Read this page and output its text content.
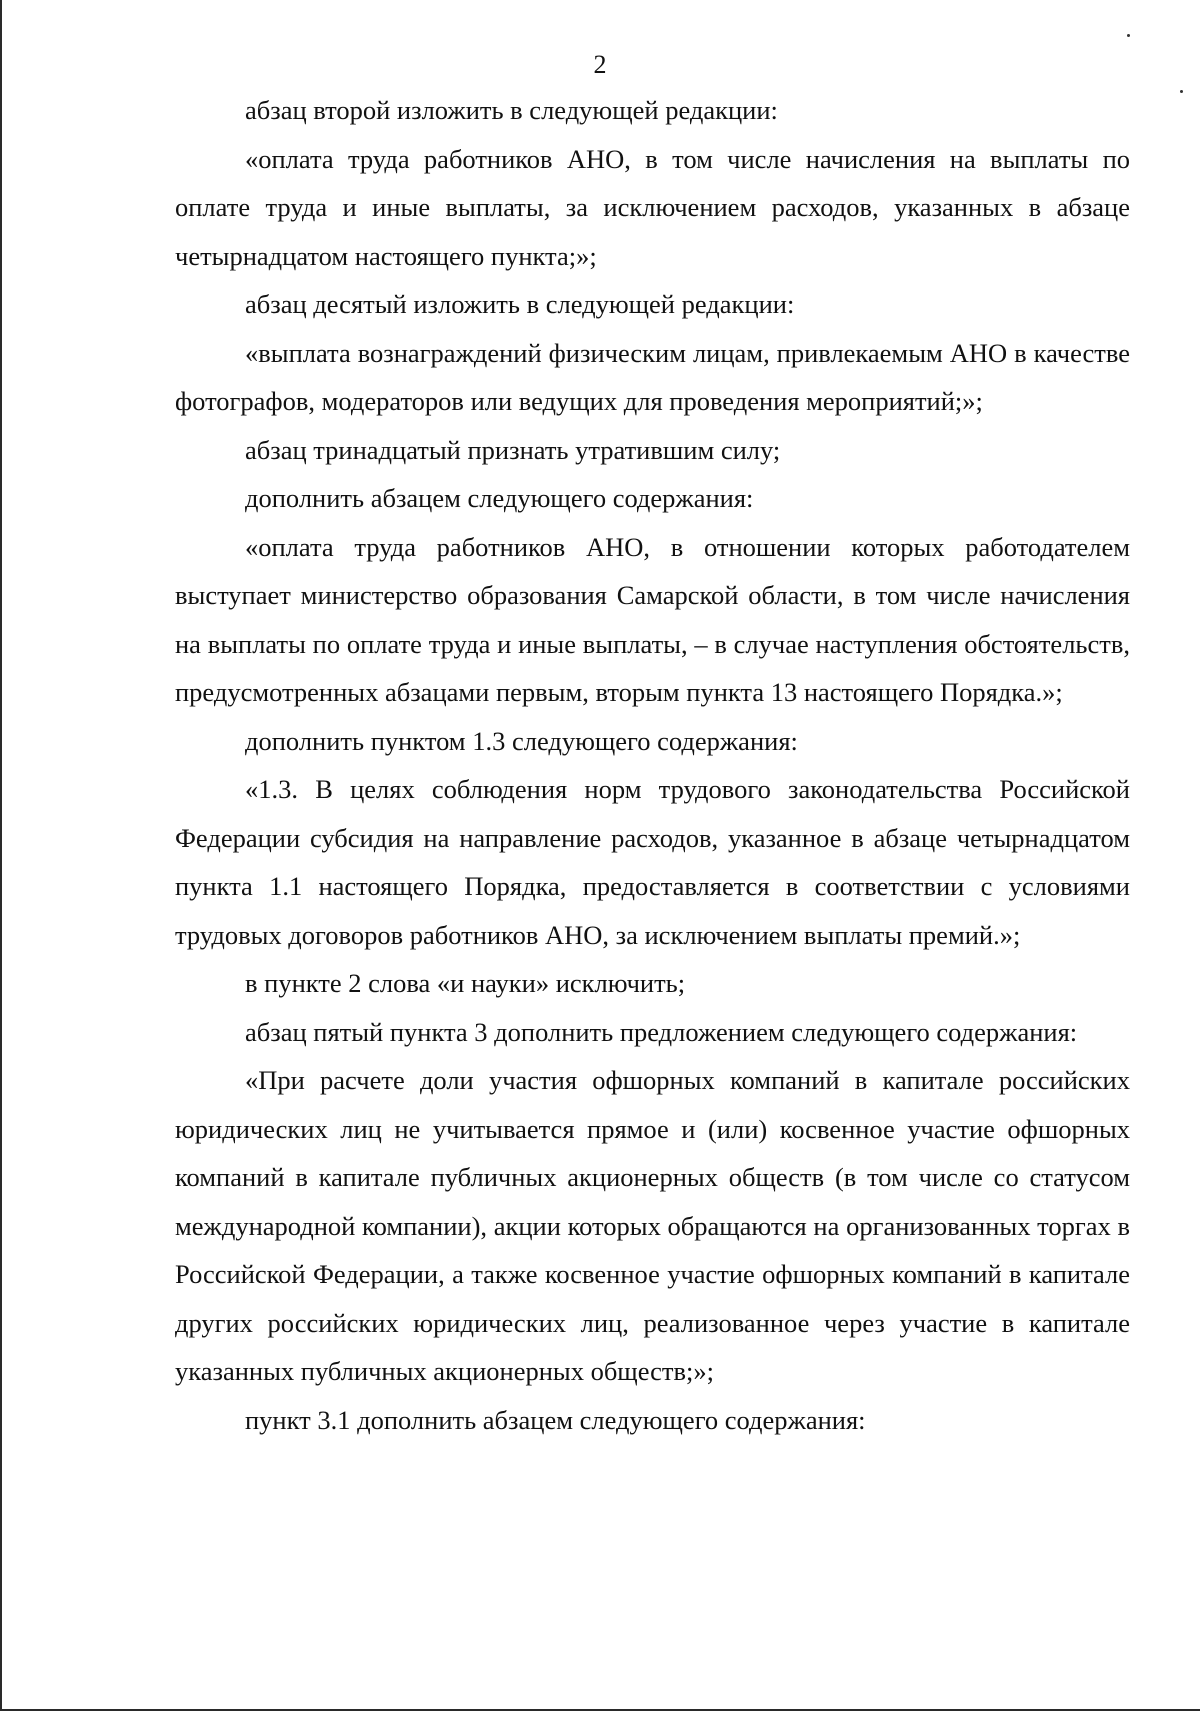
2

абзац второй изложить в следующей редакции:

«оплата труда работников АНО, в том числе начисления на выплаты по оплате труда и иные выплаты, за исключением расходов, указанных в абзаце четырнадцатом настоящего пункта;»;

абзац десятый изложить в следующей редакции:

«выплата вознаграждений физическим лицам, привлекаемым АНО в качестве фотографов, модераторов или ведущих для проведения мероприятий;»;

абзац тринадцатый признать утратившим силу;

дополнить абзацем следующего содержания:

«оплата труда работников АНО, в отношении которых работодателем выступает министерство образования Самарской области, в том числе начисления на выплаты по оплате труда и иные выплаты, – в случае наступления обстоятельств, предусмотренных абзацами первым, вторым пункта 13 настоящего Порядка.»;

дополнить пунктом 1.3 следующего содержания:

«1.3. В целях соблюдения норм трудового законодательства Российской Федерации субсидия на направление расходов, указанное в абзаце четырнадцатом пункта 1.1 настоящего Порядка, предоставляется в соответствии с условиями трудовых договоров работников АНО, за исключением выплаты премий.»;

в пункте 2 слова «и науки» исключить;

абзац пятый пункта 3 дополнить предложением следующего содержания:

«При расчете доли участия офшорных компаний в капитале российских юридических лиц не учитывается прямое и (или) косвенное участие офшорных компаний в капитале публичных акционерных обществ (в том числе со статусом международной компании), акции которых обращаются на организованных торгах в Российской Федерации, а также косвенное участие офшорных компаний в капитале других российских юридических лиц, реализованное через участие в капитале указанных публичных акционерных обществ;»;

пункт 3.1 дополнить абзацем следующего содержания:
